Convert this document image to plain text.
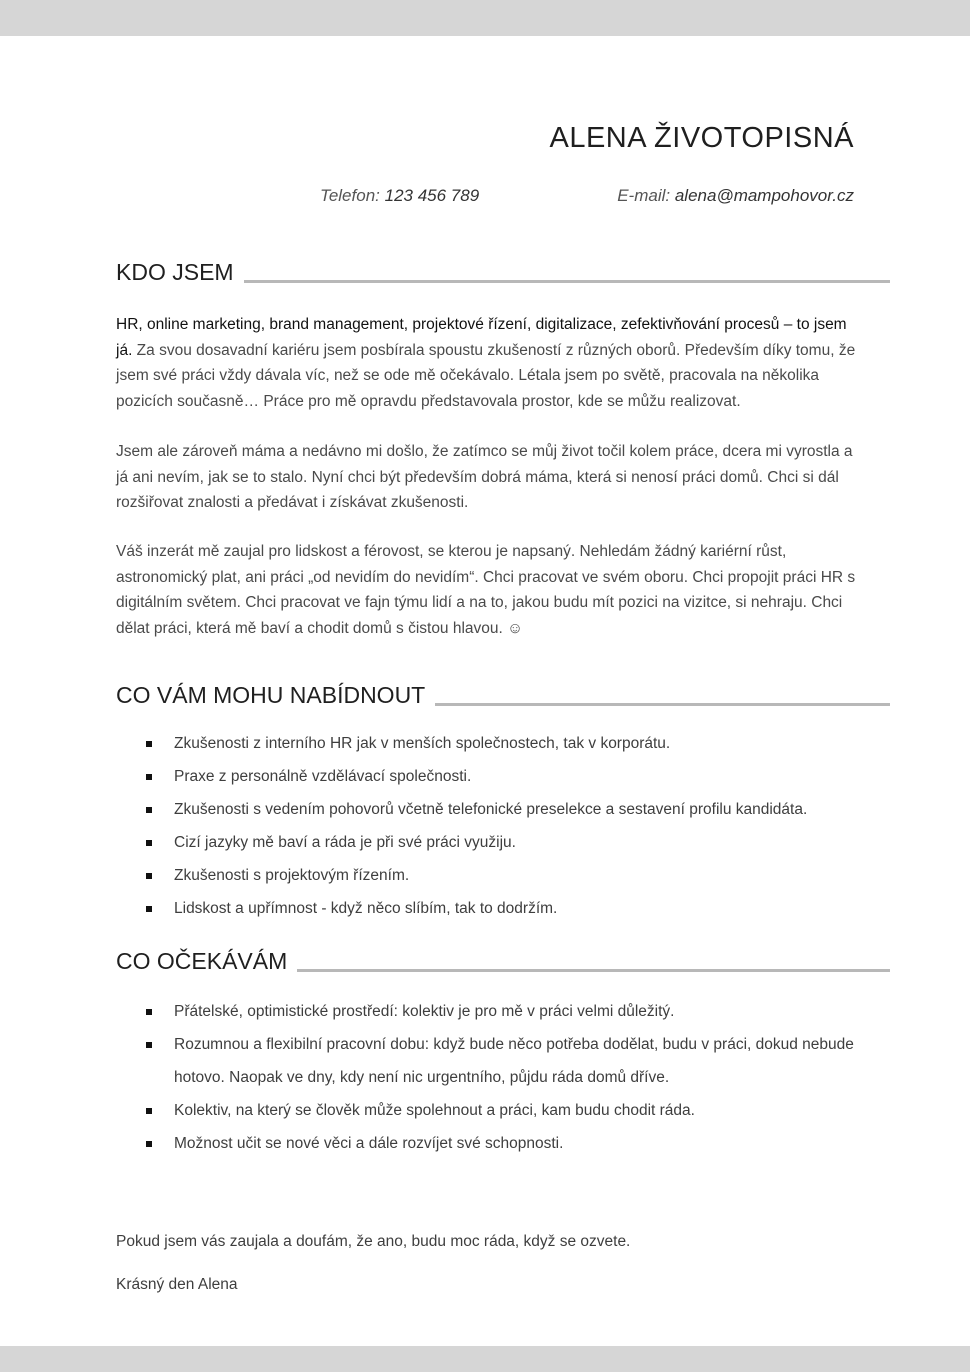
ALENA ŽIVOTOPISNÁ
Telefon: 123 456 789	E-mail: alena@mampohovor.cz
KDO JSEM

HR, online marketing, brand management, projektové řízení, digitalizace, zefektivňování procesů – to jsem já. Za svou dosavadní kariéru jsem posbírala spoustu zkušeností z různých oborů. Především díky tomu, že jsem své práci vždy dávala víc, než se ode mě očekávalo. Létala jsem po světě, pracovala na několika pozicích současně… Práce pro mě opravdu představovala prostor, kde se můžu realizovat.

Jsem ale zároveň máma a nedávno mi došlo, že zatímco se můj život točil kolem práce, dcera mi vyrostla a já ani nevím, jak se to stalo. Nyní chci být především dobrá máma, která si nenosí práci domů. Chci si dál rozšiřovat znalosti a předávat i získávat zkušenosti.

Váš inzerát mě zaujal pro lidskost a férovost, se kterou je napsaný. Nehledám žádný kariérní růst, astronomický plat, ani práci „od nevidím do nevidím“. Chci pracovat ve svém oboru. Chci propojit práci HR s digitálním světem. Chci pracovat ve fajn týmu lidí a na to, jakou budu mít pozici na vizitce, si nehraju. Chci dělat práci, která mě baví a chodit domů s čistou hlavou. ☺

CO VÁM MOHU NABÍDNOUT
Zkušenosti z interního HR jak v menších společnostech, tak v korporátu.
Praxe z personálně vzdělávací společnosti.
Zkušenosti s vedením pohovorů včetně telefonické preselekce a sestavení profilu kandidáta.
Cizí jazyky mě baví a ráda je při své práci využiju.
Zkušenosti s projektovým řízením.
Lidskost a upřímnost - když něco slíbím, tak to dodržím.
CO OČEKÁVÁM
Přátelské, optimistické prostředí: kolektiv je pro mě v práci velmi důležitý.
Rozumnou a flexibilní pracovní dobu: když bude něco potřeba dodělat, budu v práci, dokud nebude hotovo. Naopak ve dny, kdy není nic urgentního, půjdu ráda domů dříve.
Kolektiv, na který se člověk může spolehnout a práci, kam budu chodit ráda.
Možnost učit se nové věci a dále rozvíjet své schopnosti.
Pokud jsem vás zaujala a doufám, že ano, budu moc ráda, když se ozvete.
Krásný den Alena
